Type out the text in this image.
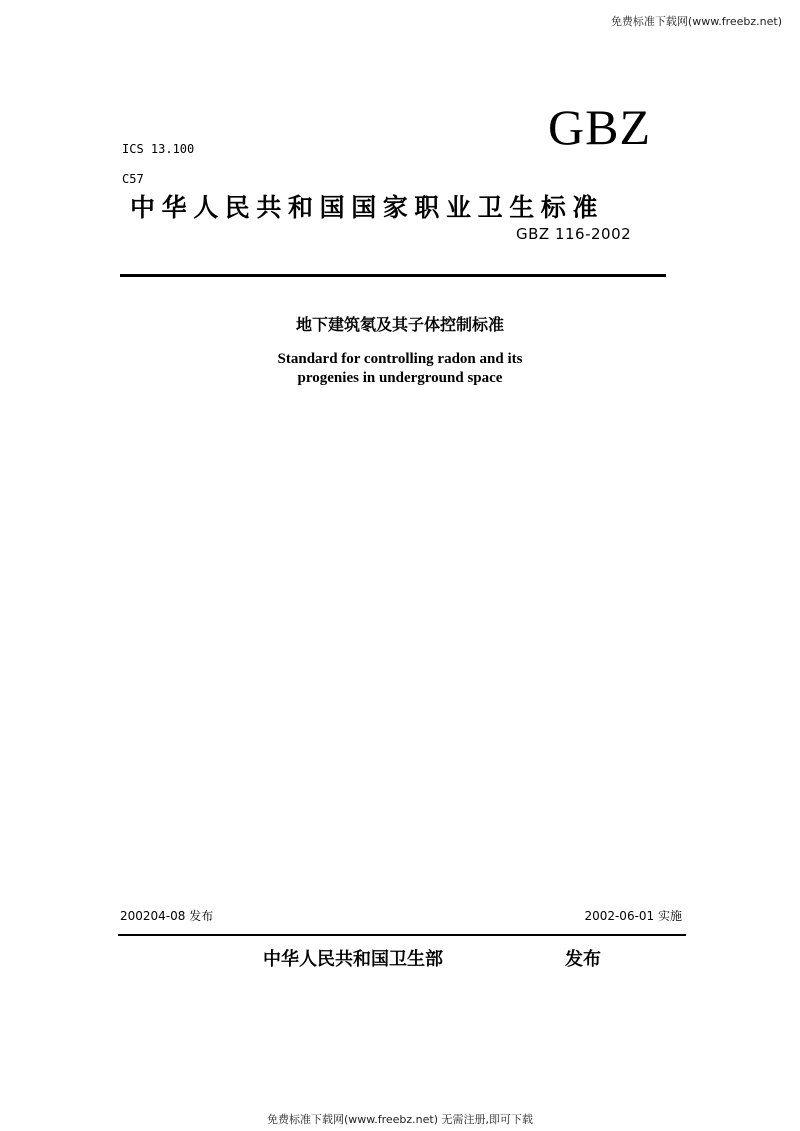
免费标准下载网(www.freebz.net)
ICS 13.100	GBZ
C57
中华人民共和国国家职业卫生标准
GBZ 116-2002
地下建筑氡及其子体控制标准
Standard for controlling radon and its
progenies in underground space
200204-08 发布	2002-06-01 实施
中华人民共和国卫生部	发布
免费标准下载网(www.freebz.net) 无需注册,即可下载
